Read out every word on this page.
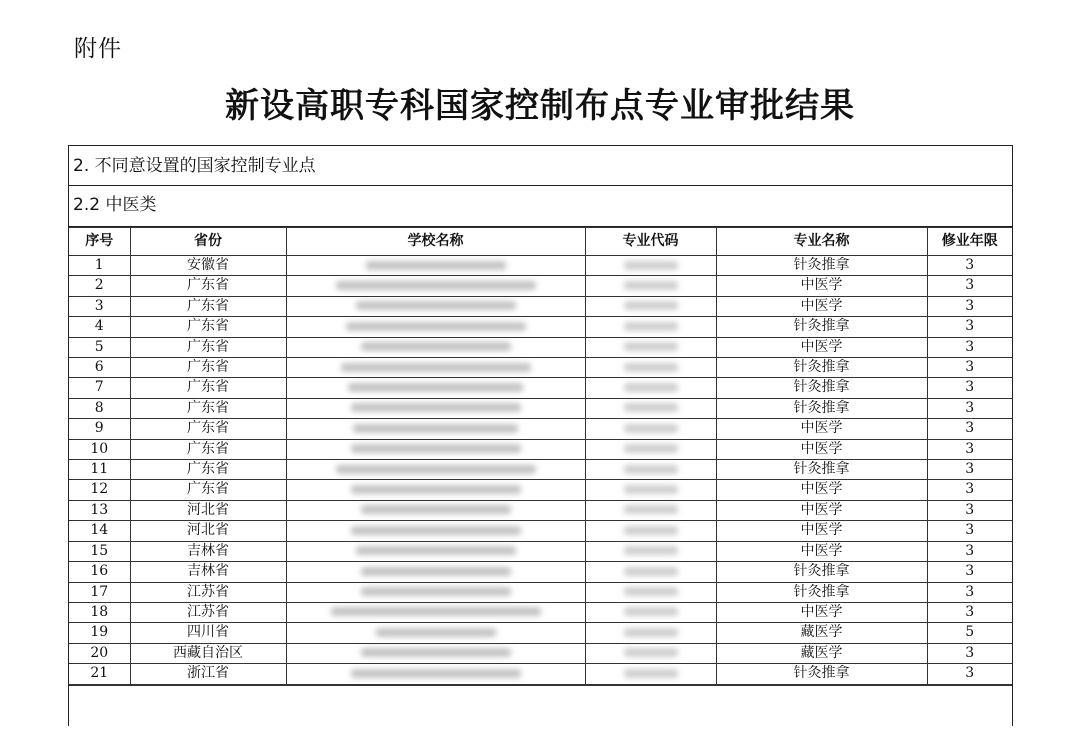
附件
新设高职专科国家控制布点专业审批结果
2. 不同意设置的国家控制专业点
2.2 中医类
序号	省份	学校名称	专业代码	专业名称	修业年限
1	安徽省			针灸推拿	3
2	广东省			中医学	3
3	广东省			中医学	3
4	广东省			针灸推拿	3
5	广东省			中医学	3
6	广东省			针灸推拿	3
7	广东省			针灸推拿	3
8	广东省			针灸推拿	3
9	广东省			中医学	3
10	广东省			中医学	3
11	广东省			针灸推拿	3
12	广东省			中医学	3
13	河北省			中医学	3
14	河北省			中医学	3
15	吉林省			中医学	3
16	吉林省			针灸推拿	3
17	江苏省			针灸推拿	3
18	江苏省			中医学	3
19	四川省			藏医学	5
20	西藏自治区			藏医学	3
21	浙江省			针灸推拿	3
